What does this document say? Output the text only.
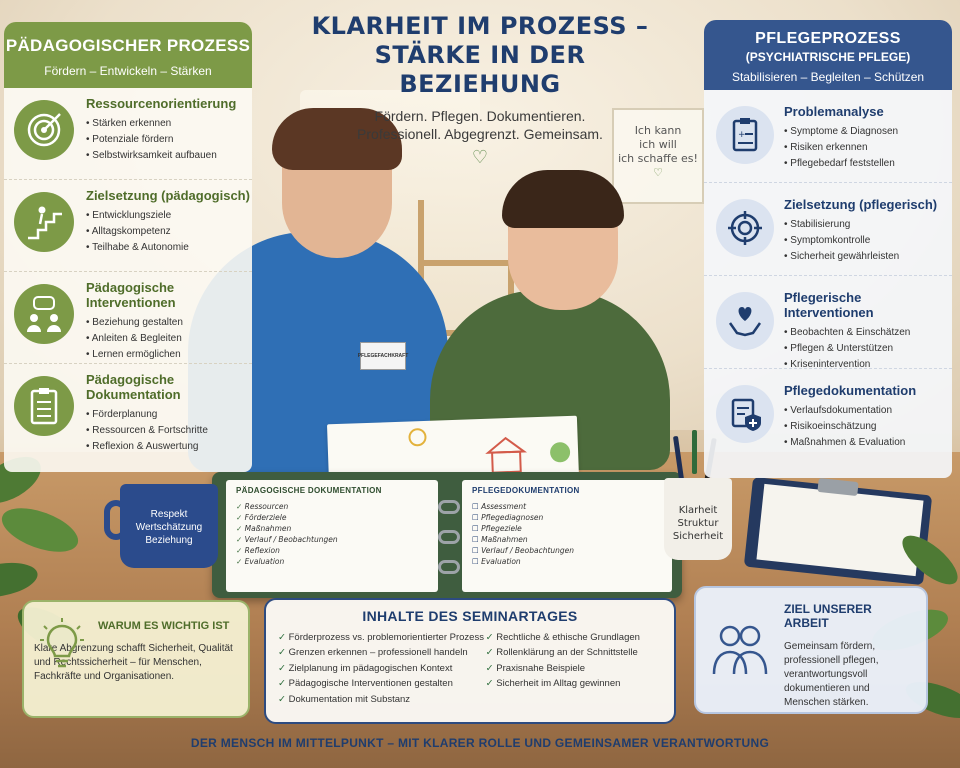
Ich kann
ich will
ich schaffe es!
♡
PFLEGEFACHKRAFT
PÄDAGOGISCHE DOKUMENTATION
✓ Ressourcen
✓ Förderziele
✓ Maßnahmen
✓ Verlauf / Beobachtungen
✓ Reflexion
✓ Evaluation
PFLEGEDOKUMENTATION
☐ Assessment
☐ Pflegediagnosen
☐ Pflegeziele
☐ Maßnahmen
☐ Verlauf / Beobachtungen
☐ Evaluation
Respekt
Wertschätzung
Beziehung
Klarheit
Struktur
Sicherheit
KLARHEIT IM PROZESS –
STÄRKE IN DER BEZIEHUNG
Fördern. Pflegen. Dokumentieren.
Professionell. Abgegrenzt. Gemeinsam.
♡
PÄDAGOGISCHER PROZESS
Fördern – Entwickeln – Stärken
Ressourcenorientierung
• Stärken erkennen
• Potenziale fördern
• Selbstwirksamkeit aufbauen
Zielsetzung (pädagogisch)
• Entwicklungsziele
• Alltagskompetenz
• Teilhabe & Autonomie
Pädagogische Interventionen
• Beziehung gestalten
• Anleiten & Begleiten
• Lernen ermöglichen
Pädagogische Dokumentation
• Förderplanung
• Ressourcen & Fortschritte
• Reflexion & Auswertung
PFLEGEPROZESS
(PSYCHIATRISCHE PFLEGE)
Stabilisieren – Begleiten – Schützen
+
Problemanalyse
• Symptome & Diagnosen
• Risiken erkennen
• Pflegebedarf feststellen
Zielsetzung (pflegerisch)
• Stabilisierung
• Symptomkontrolle
• Sicherheit gewährleisten
Pflegerische Interventionen
• Beobachten & Einschätzen
• Pflegen & Unterstützen
• Krisenintervention
Pflegedokumentation
• Verlaufsdokumentation
• Risikoeinschätzung
• Maßnahmen & Evaluation
WARUM ES WICHTIG IST
Klare Abgrenzung schafft Sicherheit, Qualität und Rechtssicherheit – für Menschen, Fachkräfte und Organisationen.
INHALTE DES SEMINARTAGES
✓ Förderprozess vs. problemorientierter Prozess
✓ Grenzen erkennen – professionell handeln
✓ Zielplanung im pädagogischen Kontext
✓ Pädagogische Interventionen gestalten
✓ Dokumentation mit Substanz
✓ Rechtliche & ethische Grundlagen
✓ Rollenklärung an der Schnittstelle
✓ Praxisnahe Beispiele
✓ Sicherheit im Alltag gewinnen
ZIEL UNSERER ARBEIT
Gemeinsam fördern, professionell pflegen, verantwortungsvoll dokumentieren und Menschen stärken.
DER MENSCH IM MITTELPUNKT – MIT KLARER ROLLE UND GEMEINSAMER VERANTWORTUNG
